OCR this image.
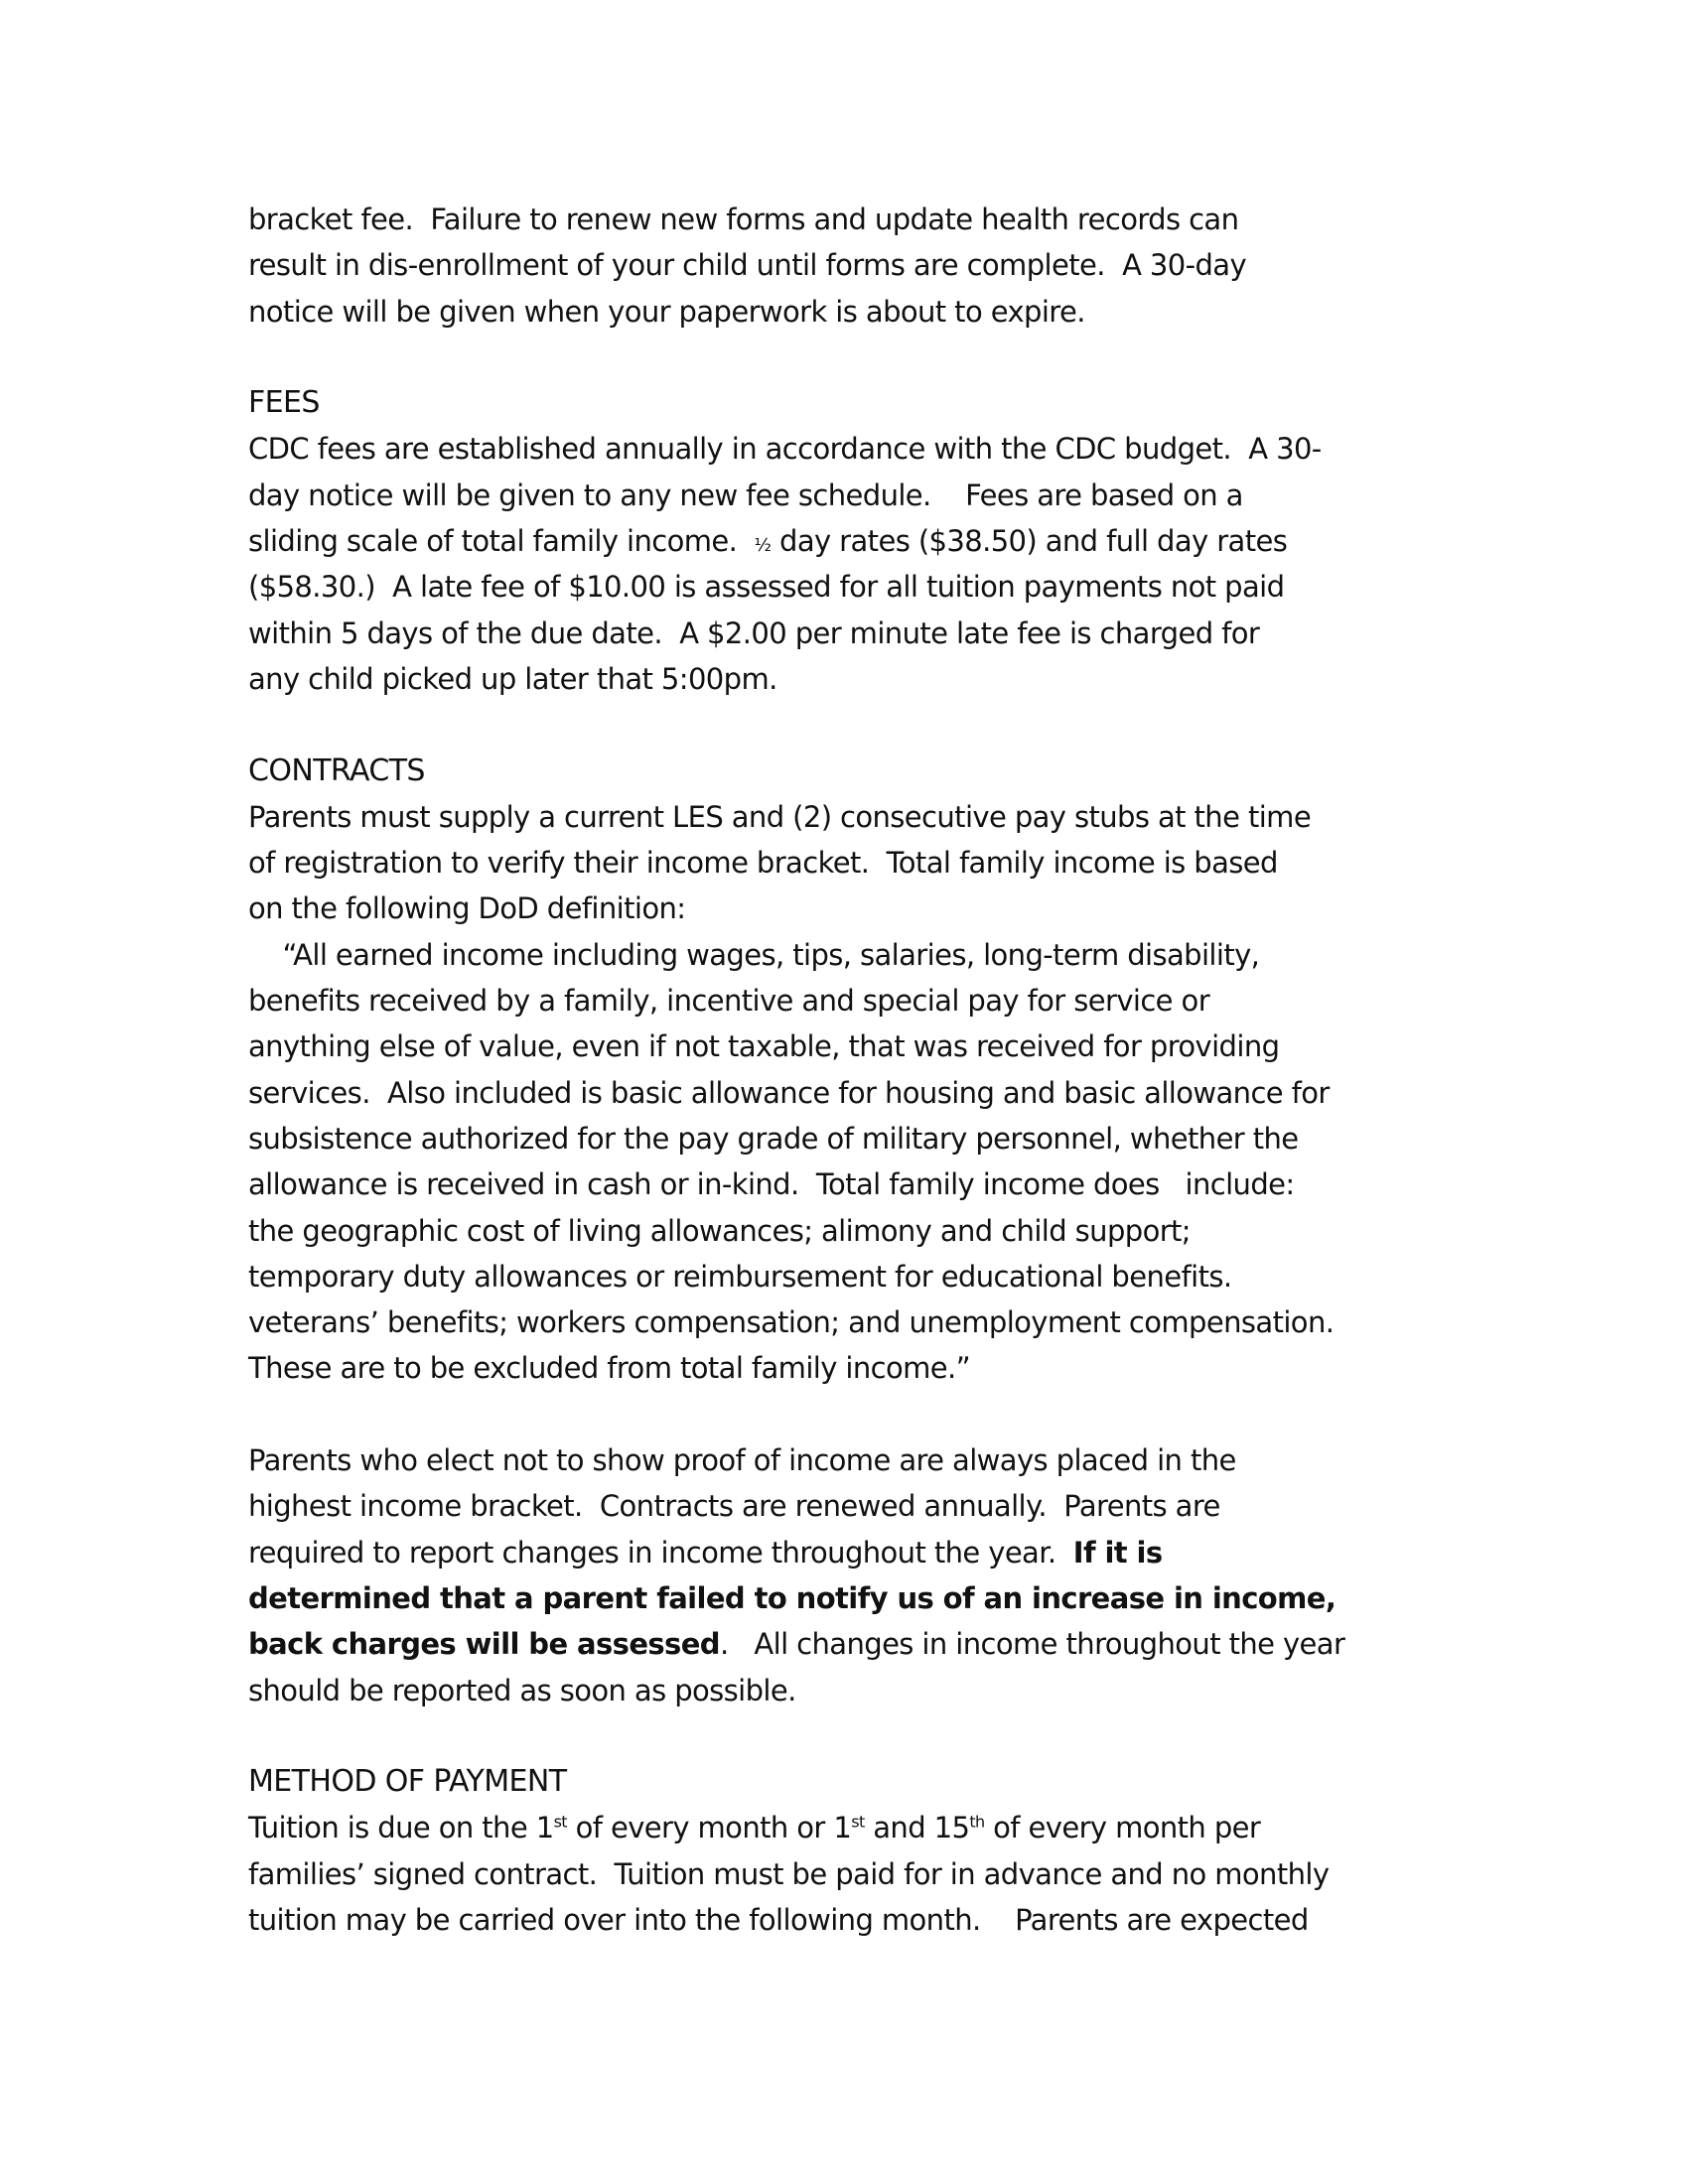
bracket fee.  Failure to renew new forms and update health records can
result in dis-enrollment of your child until forms are complete.  A 30-day
notice will be given when your paperwork is about to expire.
FEES
CDC fees are established annually in accordance with the CDC budget.  A 30-
day notice will be given to any new fee schedule.    Fees are based on a
sliding scale of total family income.  ½ day rates ($38.50) and full day rates
($58.30.)  A late fee of $10.00 is assessed for all tuition payments not paid
within 5 days of the due date.  A $2.00 per minute late fee is charged for
any child picked up later that 5:00pm.
CONTRACTS
Parents must supply a current LES and (2) consecutive pay stubs at the time
of registration to verify their income bracket.  Total family income is based
on the following DoD definition:
“All earned income including wages, tips, salaries, long-term disability,
benefits received by a family, incentive and special pay for service or
anything else of value, even if not taxable, that was received for providing
services.  Also included is basic allowance for housing and basic allowance for
subsistence authorized for the pay grade of military personnel, whether the
allowance is received in cash or in-kind.  Total family income does   include:
the geographic cost of living allowances; alimony and child support;
temporary duty allowances or reimbursement for educational benefits.
veterans’ benefits; workers compensation; and unemployment compensation.
These are to be excluded from total family income.”
Parents who elect not to show proof of income are always placed in the
highest income bracket.  Contracts are renewed annually.  Parents are
required to report changes in income throughout the year.  If it is
determined that a parent failed to notify us of an increase in income,
back charges will be assessed.   All changes in income throughout the year
should be reported as soon as possible.
METHOD OF PAYMENT
Tuition is due on the 1st of every month or 1st and 15th of every month per
families’ signed contract.  Tuition must be paid for in advance and no monthly
tuition may be carried over into the following month.    Parents are expected
